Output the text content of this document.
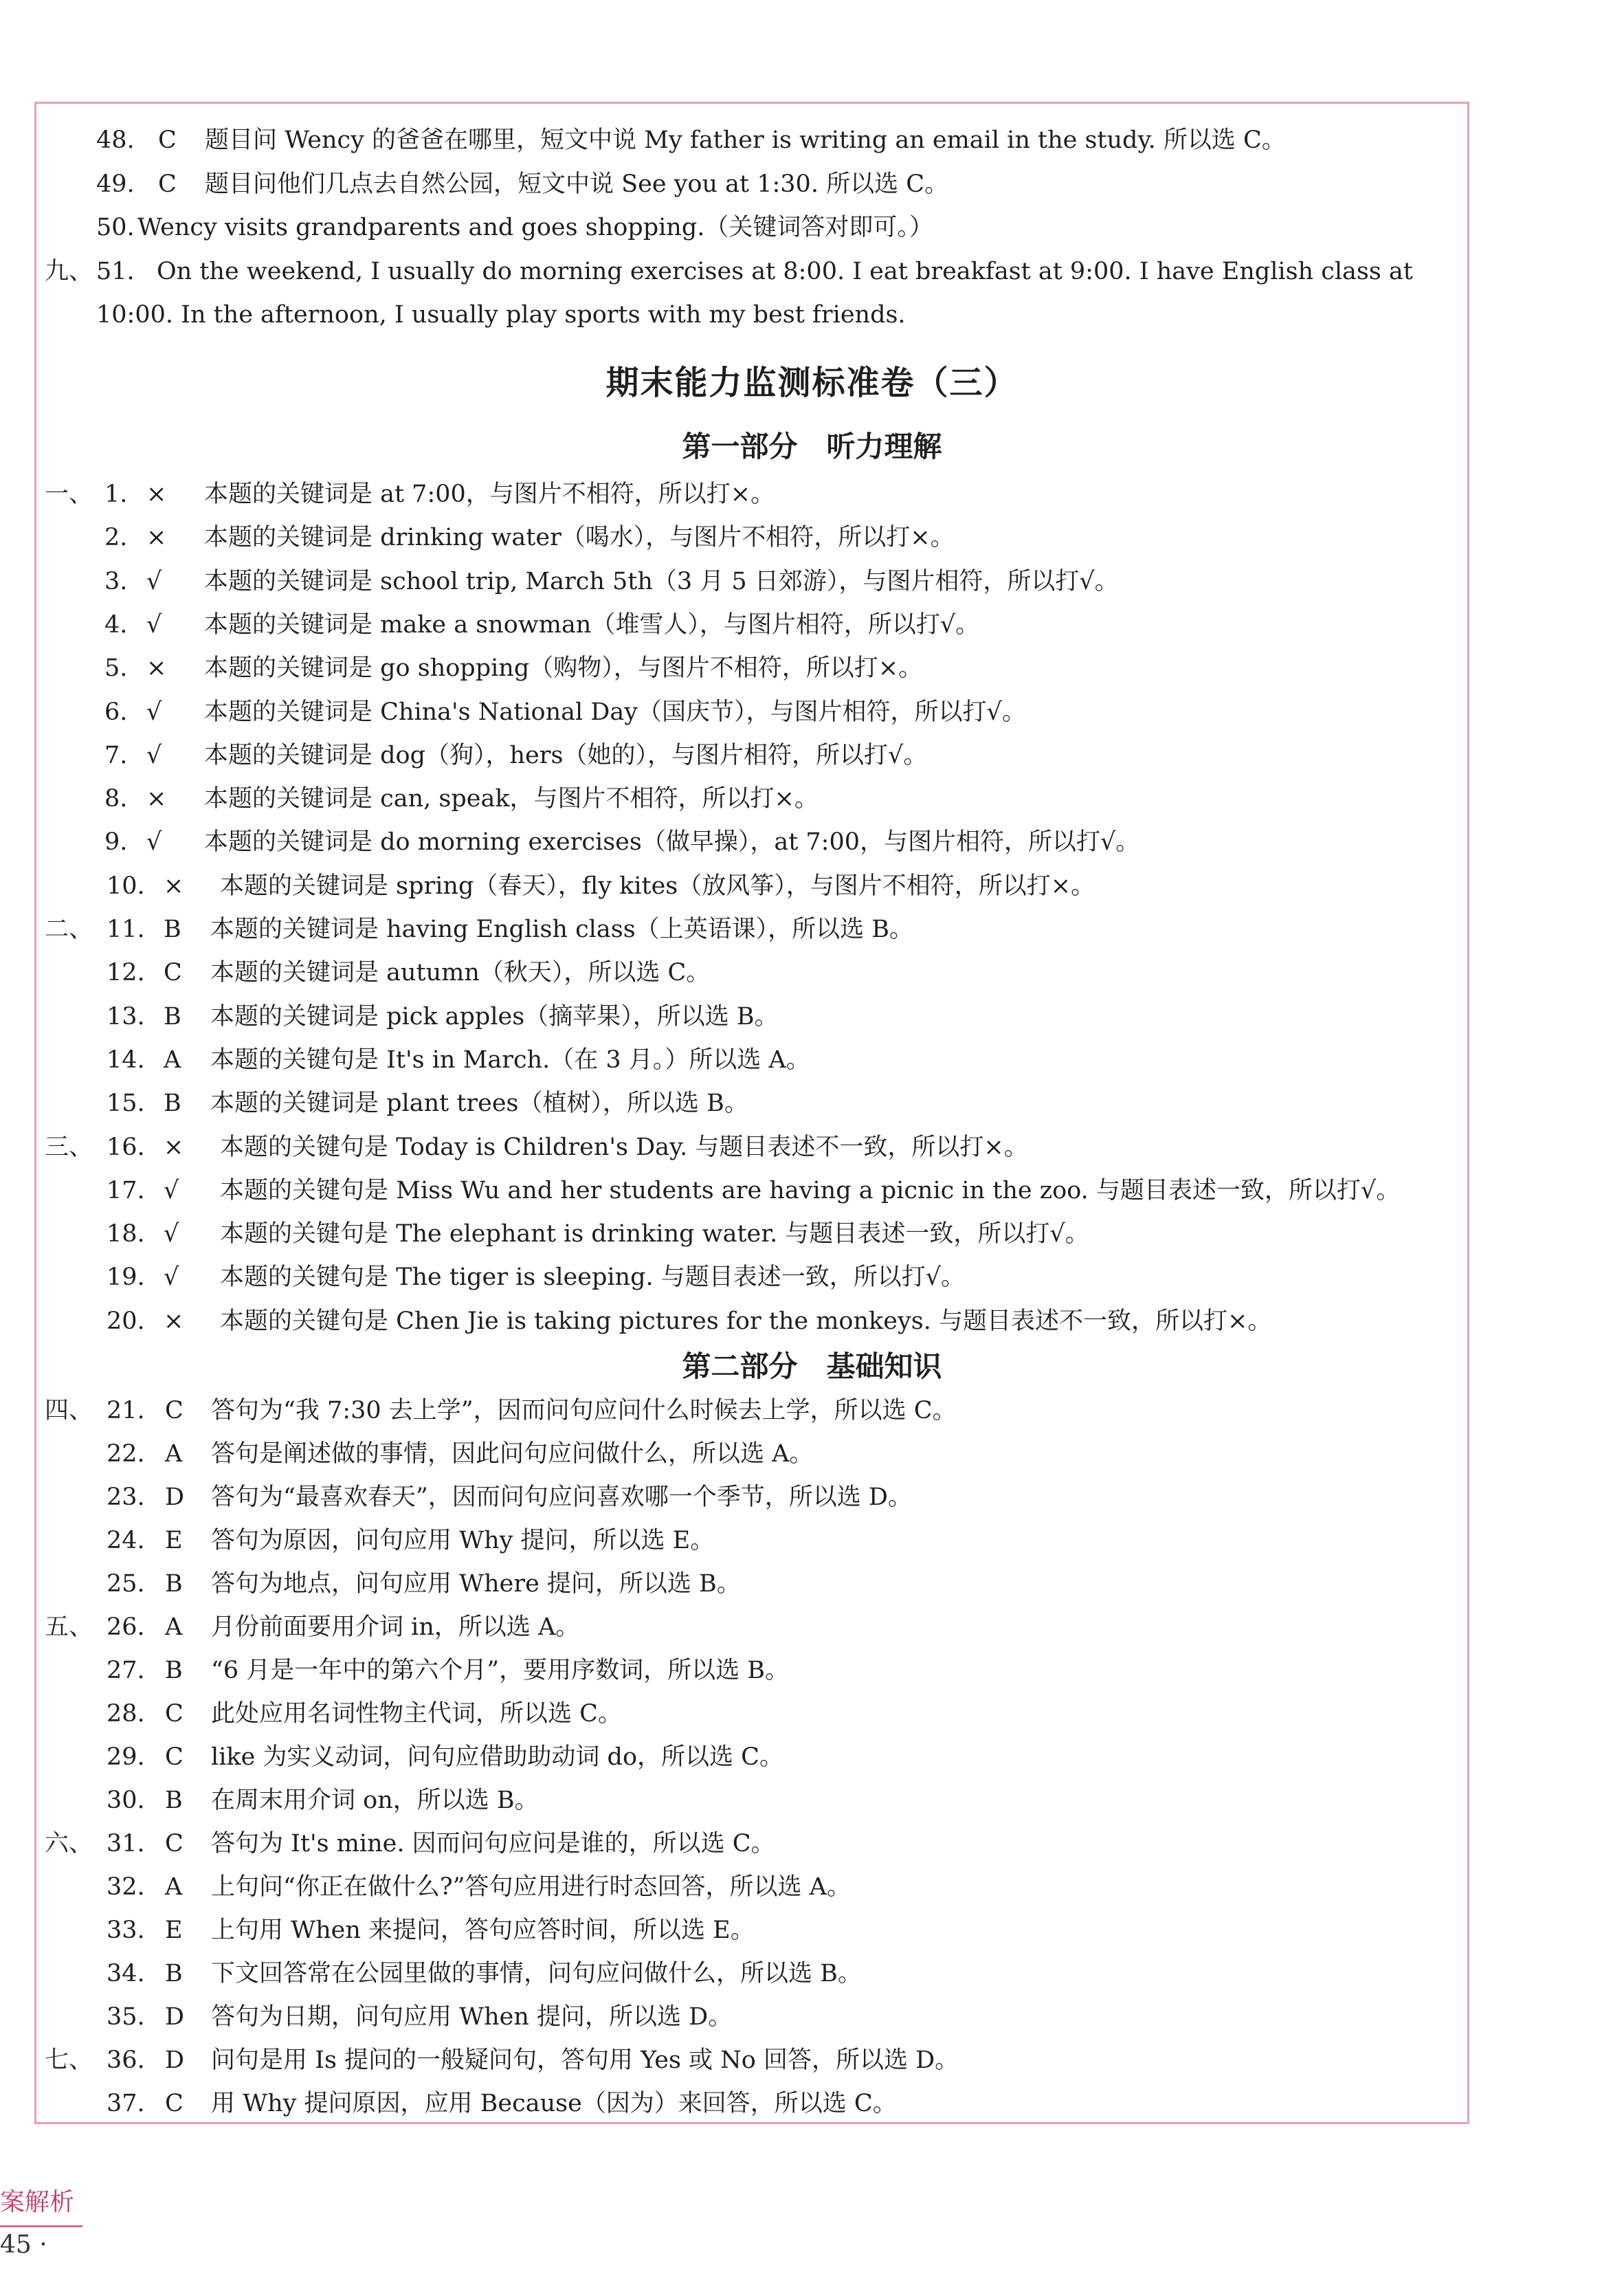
48. C 题目问 Wency 的爸爸在哪里，短文中说 My father is writing an email in the study. 所以选 C。
49. C 题目问他们几点去自然公园，短文中说 See you at 1:30. 所以选 C。
50. Wency visits grandparents and goes shopping.（关键词答对即可。）
九、 51. On the weekend, I usually do morning exercises at 8:00. I eat breakfast at 9:00. I have English class at
10:00. In the afternoon, I usually play sports with my best friends.
一、 1. × 本题的关键词是 at 7:00，与图片不相符，所以打×。
2. × 本题的关键词是 drinking water（喝水），与图片不相符，所以打×。
3. √ 本题的关键词是 school trip, March 5th（3 月 5 日郊游），与图片相符，所以打√。
4. √ 本题的关键词是 make a snowman（堆雪人），与图片相符，所以打√。
5. × 本题的关键词是 go shopping（购物），与图片不相符，所以打×。
6. √ 本题的关键词是 China's National Day（国庆节），与图片相符，所以打√。
7. √ 本题的关键词是 dog（狗），hers（她的），与图片相符，所以打√。
8. × 本题的关键词是 can, speak，与图片不相符，所以打×。
9. √ 本题的关键词是 do morning exercises（做早操），at 7:00，与图片相符，所以打√。
10. × 本题的关键词是 spring（春天），fly kites（放风筝），与图片不相符，所以打×。
二、 11. B 本题的关键词是 having English class（上英语课），所以选 B。
12. C 本题的关键词是 autumn（秋天），所以选 C。
13. B 本题的关键词是 pick apples（摘苹果），所以选 B。
14. A 本题的关键句是 It's in March.（在 3 月。）所以选 A。
15. B 本题的关键词是 plant trees（植树），所以选 B。
三、 16. × 本题的关键句是 Today is Children's Day. 与题目表述不一致，所以打×。
17. √ 本题的关键句是 Miss Wu and her students are having a picnic in the zoo. 与题目表述一致，所以打√。
18. √ 本题的关键句是 The elephant is drinking water. 与题目表述一致，所以打√。
19. √ 本题的关键句是 The tiger is sleeping. 与题目表述一致，所以打√。
20. × 本题的关键句是 Chen Jie is taking pictures for the monkeys. 与题目表述不一致，所以打×。
四、 21. C 答句为“我 7:30 去上学”，因而问句应问什么时候去上学，所以选 C。
22. A 答句是阐述做的事情，因此问句应问做什么，所以选 A。
23. D 答句为“最喜欢春天”，因而问句应问喜欢哪一个季节，所以选 D。
24. E 答句为原因，问句应用 Why 提问，所以选 E。
25. B 答句为地点，问句应用 Where 提问，所以选 B。
五、 26. A 月份前面要用介词 in，所以选 A。
27. B “6 月是一年中的第六个月”，要用序数词，所以选 B。
28. C 此处应用名词性物主代词，所以选 C。
29. C like 为实义动词，问句应借助助动词 do，所以选 C。
30. B 在周末用介词 on，所以选 B。
六、 31. C 答句为 It's mine. 因而问句应问是谁的，所以选 C。
32. A 上句问“你正在做什么?”答句应用进行时态回答，所以选 A。
33. E 上句用 When 来提问，答句应答时间，所以选 E。
34. B 下文回答常在公园里做的事情，问句应问做什么，所以选 B。
35. D 答句为日期，问句应用 When 提问，所以选 D。
七、 36. D 问句是用 Is 提问的一般疑问句，答句用 Yes 或 No 回答，所以选 D。
37. C 用 Why 提问原因，应用 Because（因为）来回答，所以选 C。
期末能力监测标准卷（三）
第一部分　听力理解
第二部分　基础知识
案解析
45 ·
